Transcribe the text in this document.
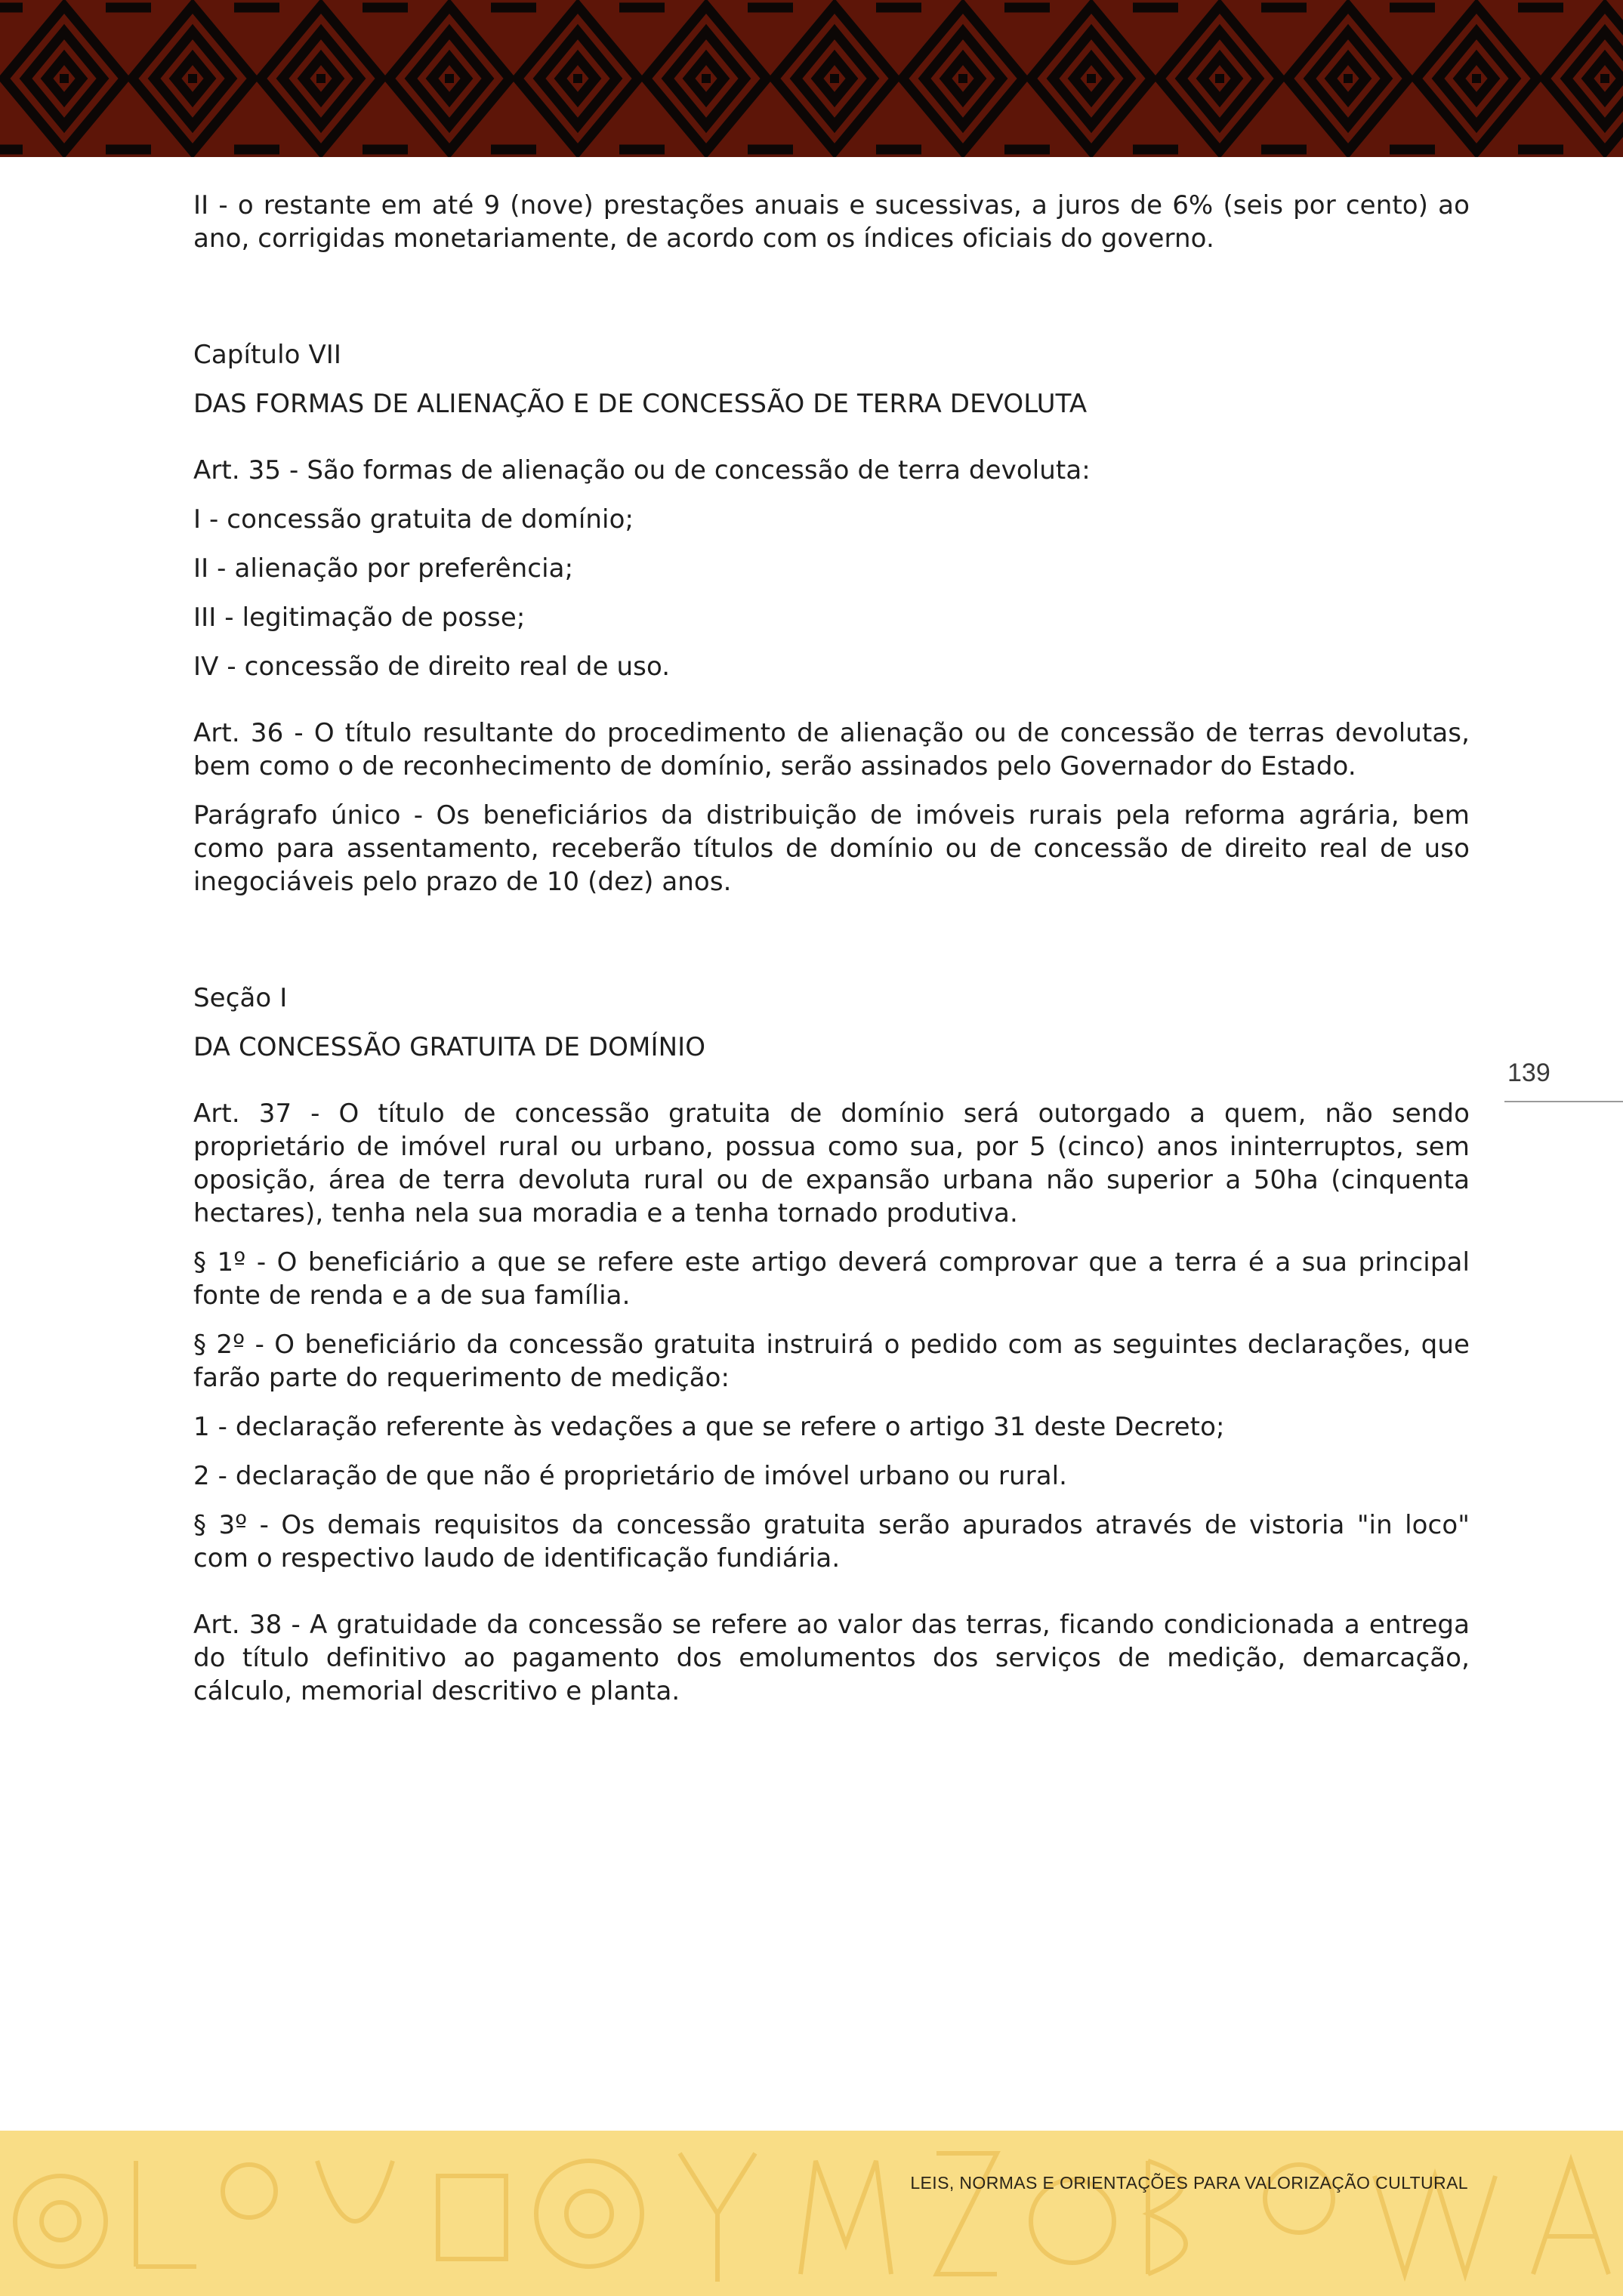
II - o restante em até 9 (nove) prestações anuais e sucessivas, a juros de 6% (seis por cento) ao ano, corrigidas monetariamente, de acordo com os índices oficiais do governo.

Capítulo VII

DAS FORMAS DE ALIENAÇÃO E DE CONCESSÃO DE TERRA DEVOLUTA

Art. 35 - São formas de alienação ou de concessão de terra devoluta:

I - concessão gratuita de domínio;

II - alienação por preferência;

III - legitimação de posse;

IV - concessão de direito real de uso.

Art. 36 - O título resultante do procedimento de alienação ou de concessão de terras devolutas, bem como o de reconhecimento de domínio, serão assinados pelo Governador do Estado.

Parágrafo único - Os beneficiários da distribuição de imóveis rurais pela reforma agrária, bem como para assentamento, receberão títulos de domínio ou de concessão de direito real de uso inegociáveis pelo prazo de 10 (dez) anos.

Seção I

DA CONCESSÃO GRATUITA DE DOMÍNIO

Art. 37 - O título de concessão gratuita de domínio será outorgado a quem, não sendo proprietário de imóvel rural ou urbano, possua como sua, por 5 (cinco) anos ininterruptos, sem oposição, área de terra devoluta rural ou de expansão urbana não superior a 50ha (cinquenta hectares), tenha nela sua moradia e a tenha tornado produtiva.

§ 1º - O beneficiário a que se refere este artigo deverá comprovar que a terra é a sua principal fonte de renda e a de sua família.

§ 2º - O beneficiário da concessão gratuita instruirá o pedido com as seguintes declarações, que farão parte do requerimento de medição:

1 - declaração referente às vedações a que se refere o artigo 31 deste Decreto;

2 - declaração de que não é proprietário de imóvel urbano ou rural.

§ 3º - Os demais requisitos da concessão gratuita serão apurados através de vistoria "in loco" com o respectivo laudo de identificação fundiária.

Art. 38 - A gratuidade da concessão se refere ao valor das terras, ficando condicionada a entrega do título definitivo ao pagamento dos emolumentos dos serviços de medição, demarcação, cálculo, memorial descritivo e planta.

139

LEIS, NORMAS E ORIENTAÇÕES PARA VALORIZAÇÃO CULTURAL
